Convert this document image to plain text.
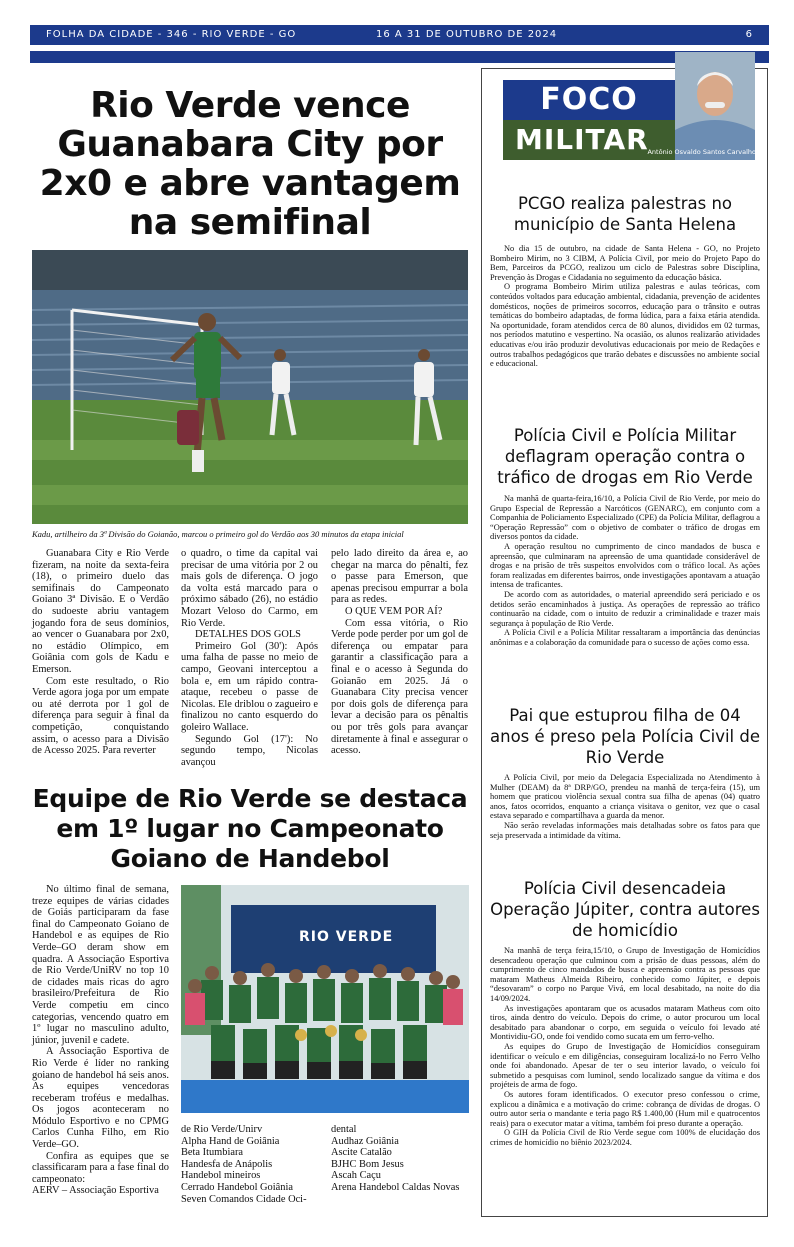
FOLHA DA CIDADE - 346 - RIO VERDE - GO	16 A 31 DE OUTUBRO DE 2024	6
Rio Verde vence Guanabara City por 2x0 e abre vantagem na semifinal
Kadu, artilheiro da 3ª Divisão do Goianão, marcou o primeiro gol do Verdão aos 30 minutos da etapa inicial

Guanabara City e Rio Verde fizeram, na noite da sexta-feira (18), o primeiro duelo das semifinais do Campeonato Goiano 3ª Divisão. E o Verdão do sudoeste abriu vantagem jogando fora de seus domínios, ao vencer o Guanabara por 2x0, no estádio Olímpico, em Goiânia com gols de Kadu e Emerson.

Com este resultado, o Rio Verde agora joga por um empate ou até derrota por 1 gol de diferença para seguir à final da competição, conquistando assim, o acesso para a Divisão de Acesso 2025. Para reverter

o quadro, o time da capital vai precisar de uma vitória por 2 ou mais gols de diferença. O jogo da volta está marcado para o próximo sábado (26), no estádio Mozart Veloso do Carmo, em Rio Verde.

DETALHES DOS GOLS

Primeiro Gol (30'): Após uma falha de passe no meio de campo, Geovani interceptou a bola e, em um rápido contra-ataque, recebeu o passe de Nicolas. Ele driblou o zagueiro e finalizou no canto esquerdo do goleiro Wallace.

Segundo Gol (17'): No segundo tempo, Nicolas avançou

pelo lado direito da área e, ao chegar na marca do pênalti, fez o passe para Emerson, que apenas precisou empurrar a bola para as redes.

O QUE VEM POR AÍ?

Com essa vitória, o Rio Verde pode perder por um gol de diferença ou empatar para garantir a classificação para a final e o acesso à Segunda do Goianão em 2025. Já o Guanabara City precisa vencer por dois gols de diferença para levar a decisão para os pênaltis ou por três gols para avançar diretamente à final e assegurar o acesso.

Equipe de Rio Verde se destaca em 1º lugar no Campeonato Goiano de Handebol

No último final de semana, treze equipes de várias cidades de Goiás participaram da fase final do Campeonato Goiano de Handebol e as equipes de Rio Verde–GO deram show em quadra. A Associação Esportiva de Rio Verde/UniRV no top 10 de cidades mais ricas do agro brasileiro/Prefeitura de Rio Verde competiu em cinco categorias, vencendo quatro em 1º lugar no masculino adulto, júnior, juvenil e cadete.

A Associação Esportiva de Rio Verde é líder no ranking goiano de handebol há seis anos. As equipes vencedoras receberam troféus e medalhas. Os jogos aconteceram no Módulo Esportivo e no CPMG Carlos Cunha Filho, em Rio Verde–GO.

Confira as equipes que se classificaram para a fase final do campeonato:

AERV – Associação Esportiva

RIO VERDE
de Rio Verde/Unirv
Alpha Hand de Goiânia
Beta Itumbiara
Handesfa de Anápolis
Handebol mineiros
Cerrado Handebol Goiânia
Seven Comandos Cidade Oci-
dental
Audhaz Goiânia
Ascite Catalão
BJHC Bom Jesus
Ascah Caçu
Arena Handebol Caldas Novas
FOCO
MILITAR
Antônio Osvaldo Santos Carvalho
PCGO realiza palestras no município de Santa Helena

No dia 15 de outubro, na cidade de Santa Helena - GO, no Projeto Bombeiro Mirim, no 3 CIBM, A Polícia Civil, por meio do Projeto Papo do Bem, Parceiros da PCGO, realizou um ciclo de Palestras sobre Disciplina, Prevenção às Drogas e Cidadania no seguimento da educação básica.

O programa Bombeiro Mirim utiliza palestras e aulas teóricas, com conteúdos voltados para educação ambiental, cidadania, prevenção de acidentes domésticos, noções de primeiros socorros, educação para o trânsito e outras temáticas do bombeiro adaptadas, de forma lúdica, para a faixa etária atendida. Na oportunidade, foram atendidos cerca de 80 alunos, divididos em 02 turmas, nos períodos matutino e vespertino. Na ocasião, os alunos realizarão atividades educativas e/ou irão produzir devolutivas educacionais por meio de Redações e outros trabalhos pedagógicos que trarão debates e discussões no ambiente social e educacional.

Polícia Civil e Polícia Militar deflagram operação contra o tráfico de drogas em Rio Verde

Na manhã de quarta-feira,16/10, a Polícia Civil de Rio Verde, por meio do Grupo Especial de Repressão a Narcóticos (GENARC), em conjunto com a Companhia de Policiamento Especializado (CPE) da Polícia Militar, deflagrou a “Operação Repressão” com o objetivo de combater o tráfico de drogas em diversos pontos da cidade.

A operação resultou no cumprimento de cinco mandados de busca e apreensão, que culminaram na apreensão de uma quantidade considerável de drogas e na prisão de três suspeitos envolvidos com o tráfico local. As ações foram realizadas em diferentes bairros, onde investigações apontavam a atuação intensa de traficantes.

De acordo com as autoridades, o material apreendido será periciado e os detidos serão encaminhados à justiça. As operações de repressão ao tráfico continuarão na cidade, com o intuito de reduzir a criminalidade e trazer mais segurança à população de Rio Verde.

A Polícia Civil e a Polícia Militar ressaltaram a importância das denúncias anônimas e a colaboração da comunidade para o sucesso de ações como essa.

Pai que estuprou filha de 04 anos é preso pela Polícia Civil de Rio Verde

A Polícia Civil, por meio da Delegacia Especializada no Atendimento à Mulher (DEAM) da 8ª DRP/GO, prendeu na manhã de terça-feira (15), um homem que praticou violência sexual contra sua filha de apenas (04) quatro anos, fatos ocorridos, enquanto a criança visitava o genitor, vez que o casal estava separado e compartilhava a guarda da menor.

Não serão reveladas informações mais detalhadas sobre os fatos para que seja preservada a intimidade da vítima.

Polícia Civil desencadeia Operação Júpiter, contra autores de homicídio

Na manhã de terça feira,15/10, o Grupo de Investigação de Homicídios desencadeou operação que culminou com a prisão de duas pessoas, além do cumprimento de cinco mandados de busca e apreensão contra as pessoas que mataram Matheus Almeida Ribeiro, conhecido como Júpiter, e depois “desovaram” o corpo no Parque Vivá, em local desabitado, na noite do dia 14/09/2024.

As investigações apontaram que os acusados mataram Matheus com oito tiros, ainda dentro do veículo. Depois do crime, o autor procurou um local desabitado para abandonar o corpo, em seguida o veículo foi levado até Montividiu-GO, onde foi vendido como sucata em um ferro-velho.

As equipes do Grupo de Investigação de Homicídios conseguiram identificar o veículo e em diligências, conseguiram localizá-lo no Ferro Velho onde foi abandonado. Apesar de ter o seu interior lavado, o veículo foi submetido a pesquisas com luminol, sendo localizado sangue da vítima e dos projéteis de arma de fogo.

Os autores foram identificados. O executor preso confessou o crime, explicou a dinâmica e a motivação do crime: cobrança de dívidas de drogas. O outro autor seria o mandante e teria pago R$ 1.400,00 (Hum mil e quatrocentos reais) para o executor matar a vítima, também foi preso durante a operação.

O GIH da Polícia Civil de Rio Verde segue com 100% de elucidação dos crimes de homicídio no biênio 2023/2024.
